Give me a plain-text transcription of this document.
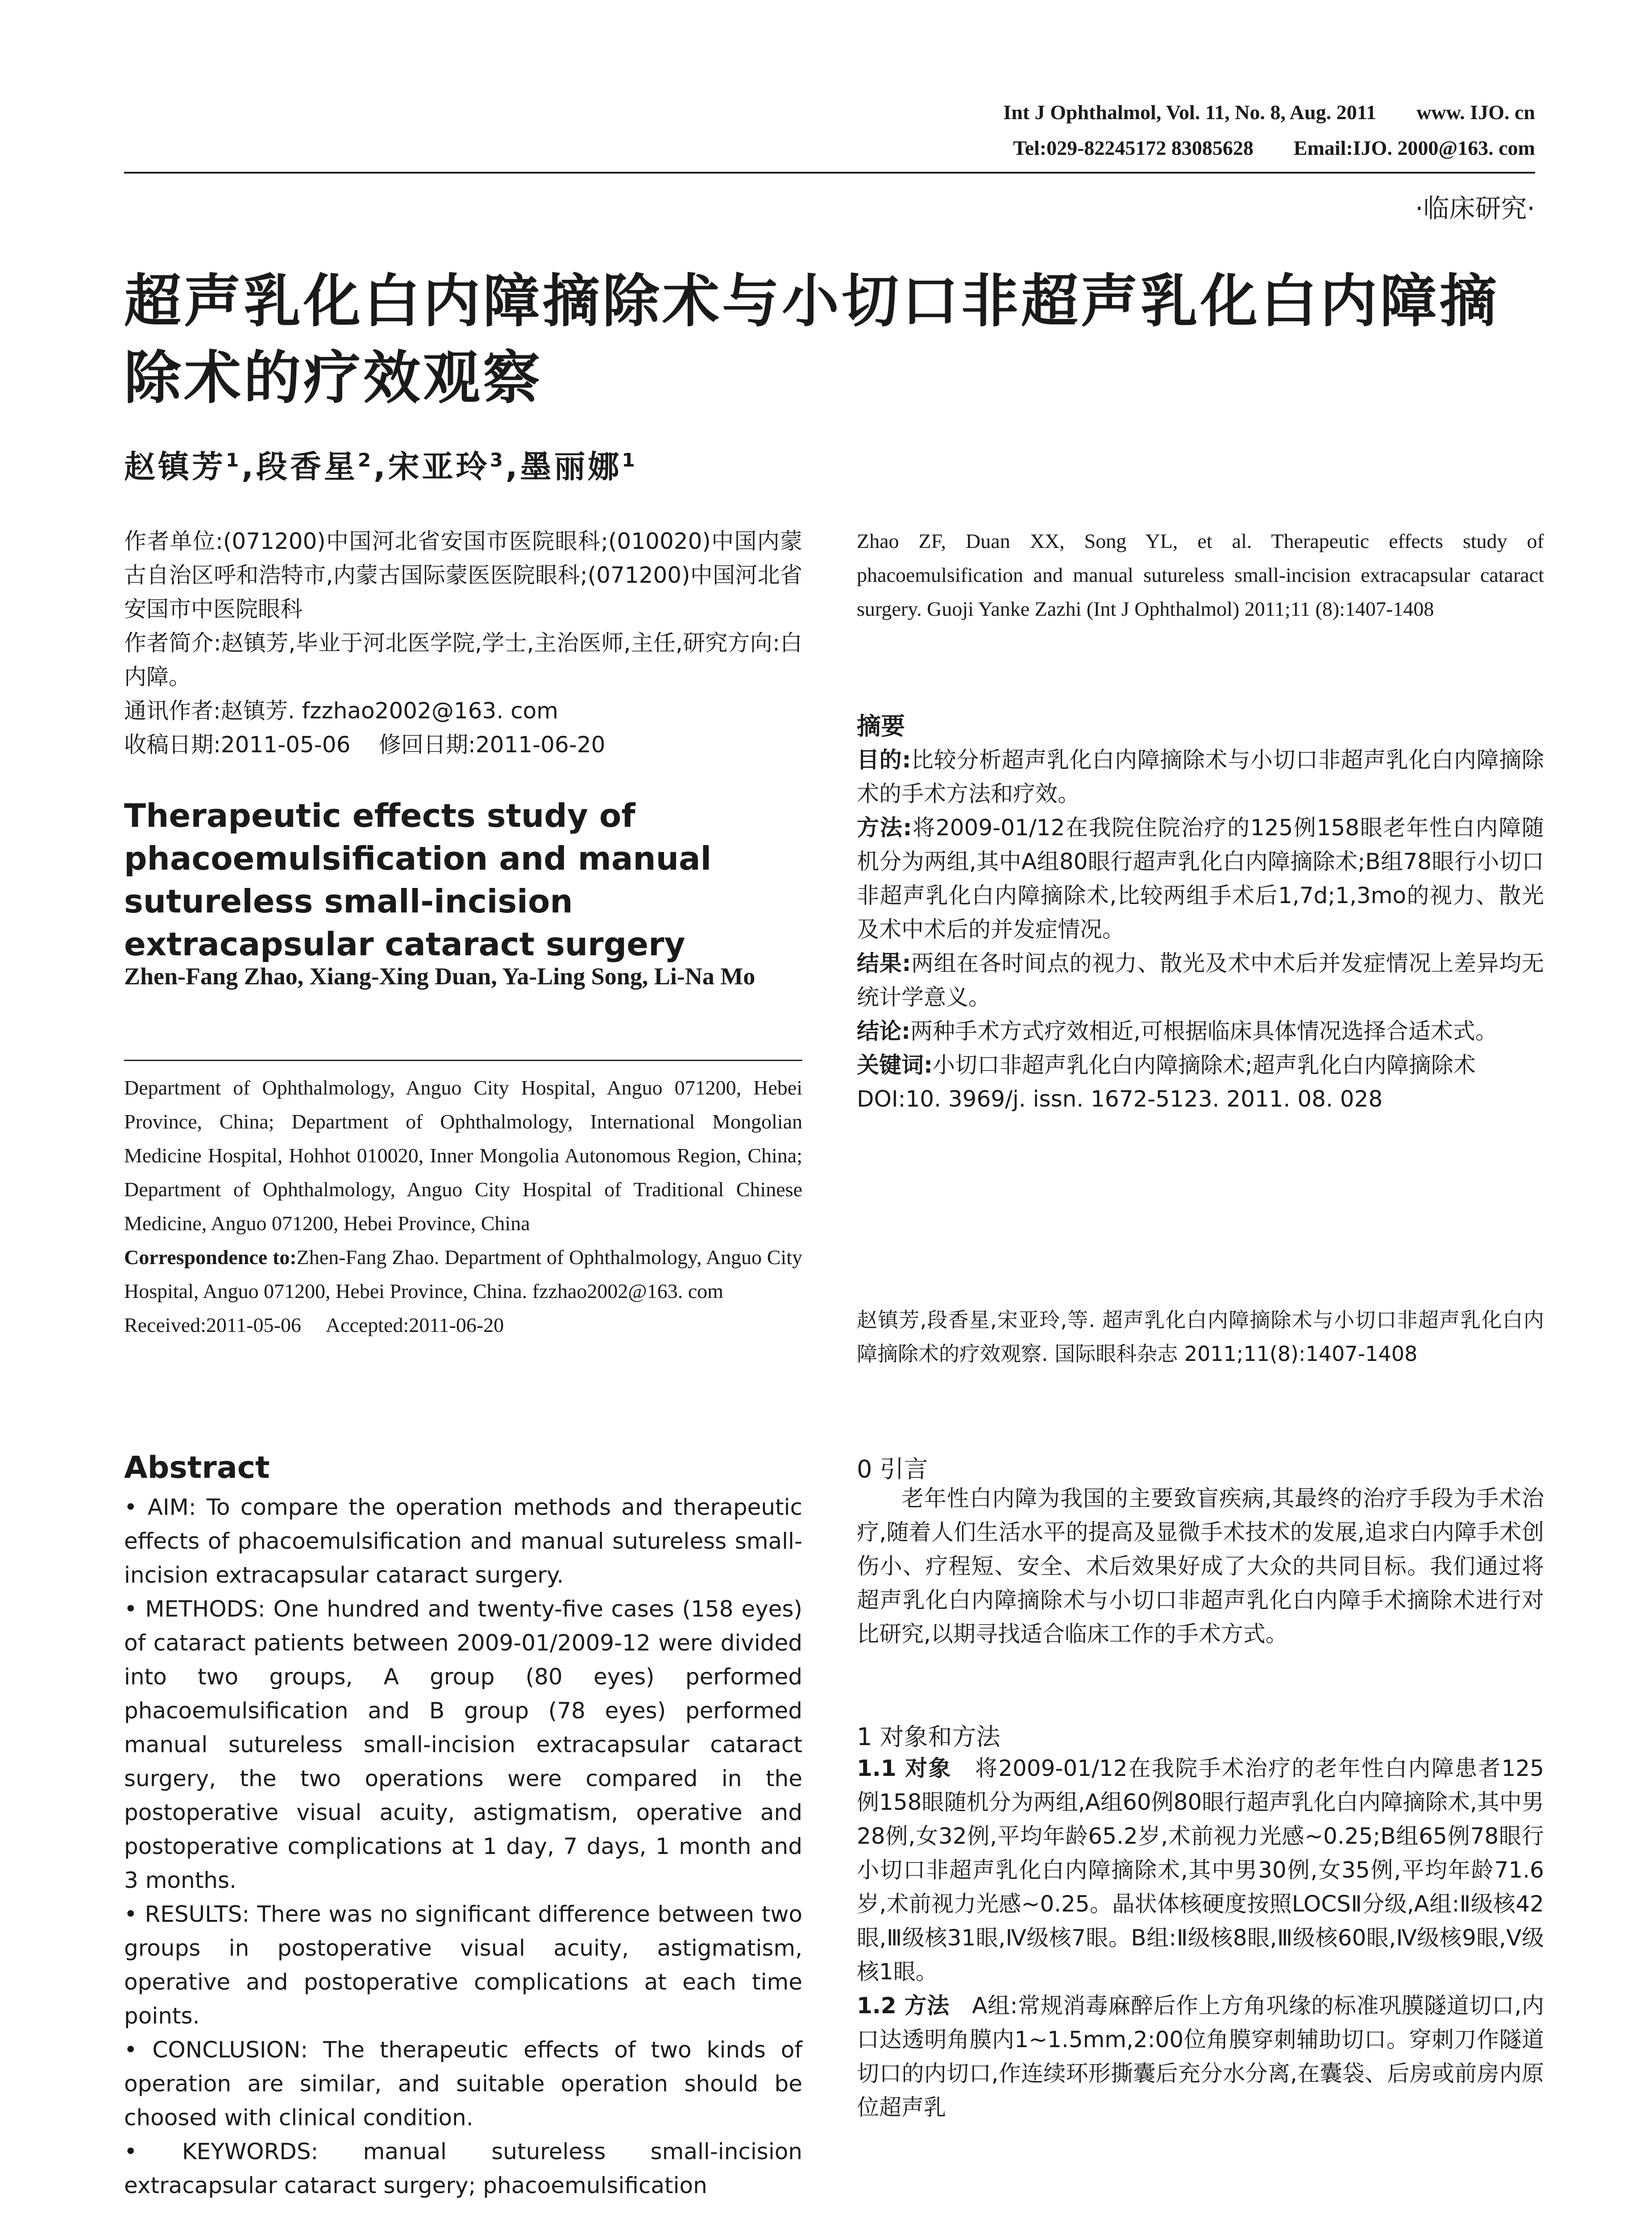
Int J Ophthalmol, Vol. 11, No. 8, Aug. 2011 www. IJO. cn
Tel:029-82245172 83085628 Email:IJO. 2000@163. com
·临床研究·
超声乳化白内障摘除术与小切口非超声乳化白内障摘除术的疗效观察
赵镇芳$^1$,段香星$^2$,宋亚玲$^3$,墨丽娜$^1$
作者单位:(071200)中国河北省安国市医院眼科;(010020)中国内蒙古自治区呼和浩特市,内蒙古国际蒙医医院眼科;(071200)中国河北省安国市中医院眼科
作者简介:赵镇芳,毕业于河北医学院,学士,主治医师,主任,研究方向:白内障。
通讯作者:赵镇芳. fzzhao2002@163. com
收稿日期:2011-05-06    修回日期:2011-06-20
Therapeutic effects study of phacoemulsification and manual sutureless small-incision extracapsular cataract surgery
Zhen-Fang Zhao, Xiang-Xing Duan, Ya-Ling Song, Li-Na Mo
Department of Ophthalmology, Anguo City Hospital, Anguo 071200, Hebei Province, China; Department of Ophthalmology, International Mongolian Medicine Hospital, Hohhot 010020, Inner Mongolia Autonomous Region, China; Department of Ophthalmology, Anguo City Hospital of Traditional Chinese Medicine, Anguo 071200, Hebei Province, China
Correspondence to:Zhen-Fang Zhao. Department of Ophthalmology, Anguo City Hospital, Anguo 071200, Hebei Province, China. fzzhao2002@163. com
Received:2011-05-06     Accepted:2011-06-20
Abstract

• AIM: To compare the operation methods and therapeutic effects of phacoemulsification and manual sutureless small-incision extracapsular cataract surgery.

• METHODS: One hundred and twenty-five cases (158 eyes) of cataract patients between 2009-01/2009-12 were divided into two groups, A group (80 eyes) performed phacoemulsification and B group (78 eyes) performed manual sutureless small-incision extracapsular cataract surgery, the two operations were compared in the postoperative visual acuity, astigmatism, operative and postoperative complications at 1 day, 7 days, 1 month and 3 months.

• RESULTS: There was no significant difference between two groups in postoperative visual acuity, astigmatism, operative and postoperative complications at each time points.

• CONCLUSION: The therapeutic effects of two kinds of operation are similar, and suitable operation should be choosed with clinical condition.

• KEYWORDS: manual sutureless small-incision extracapsular cataract surgery; phacoemulsification

Zhao ZF, Duan XX, Song YL, et al. Therapeutic effects study of phacoemulsification and manual sutureless small-incision extracapsular cataract surgery. Guoji Yanke Zazhi (Int J Ophthalmol) 2011;11 (8):1407-1408
摘要

目的:比较分析超声乳化白内障摘除术与小切口非超声乳化白内障摘除术的手术方法和疗效。

方法:将2009-01/12在我院住院治疗的125例158眼老年性白内障随机分为两组,其中A组80眼行超声乳化白内障摘除术;B组78眼行小切口非超声乳化白内障摘除术,比较两组手术后1,7d;1,3mo的视力、散光及术中术后的并发症情况。

结果:两组在各时间点的视力、散光及术中术后并发症情况上差异均无统计学意义。

结论:两种手术方式疗效相近,可根据临床具体情况选择合适术式。

关键词:小切口非超声乳化白内障摘除术;超声乳化白内障摘除术

DOI:10. 3969/j. issn. 1672-5123. 2011. 08. 028

赵镇芳,段香星,宋亚玲,等. 超声乳化白内障摘除术与小切口非超声乳化白内障摘除术的疗效观察. 国际眼科杂志 2011;11(8):1407-1408
0 引言

老年性白内障为我国的主要致盲疾病,其最终的治疗手段为手术治疗,随着人们生活水平的提高及显微手术技术的发展,追求白内障手术创伤小、疗程短、安全、术后效果好成了大众的共同目标。我们通过将超声乳化白内障摘除术与小切口非超声乳化白内障手术摘除术进行对比研究,以期寻找适合临床工作的手术方式。

1 对象和方法

1.1 对象　 将2009-01/12在我院手术治疗的老年性白内障患者125例158眼随机分为两组,A组60例80眼行超声乳化白内障摘除术,其中男28例,女32例,平均年龄65.2岁,术前视力光感~0.25;B组65例78眼行小切口非超声乳化白内障摘除术,其中男30例,女35例,平均年龄71.6岁,术前视力光感~0.25。晶状体核硬度按照LOCSⅡ分级,A组:Ⅱ级核42眼,Ⅲ级核31眼,Ⅳ级核7眼。B组:Ⅱ级核8眼,Ⅲ级核60眼,Ⅳ级核9眼,Ⅴ级核1眼。

1.2 方法　 A组:常规消毒麻醉后作上方角巩缘的标准巩膜隧道切口,内口达透明角膜内1~1.5mm,2:00位角膜穿刺辅助切口。穿刺刀作隧道切口的内切口,作连续环形撕囊后充分水分离,在囊袋、后房或前房内原位超声乳
